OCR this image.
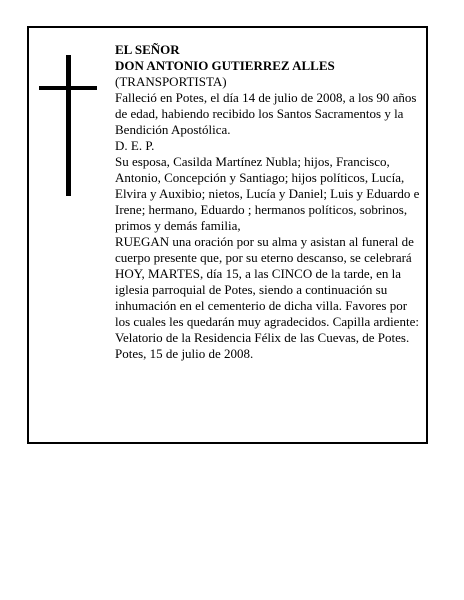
EL SEÑOR

DON ANTONIO GUTIERREZ ALLES

(TRANSPORTISTA)

Falleció en Potes, el día 14 de julio de 2008, a los 90 años de edad, habiendo recibido los Santos Sacramentos y la Bendición Apostólica.

D. E. P.

Su esposa, Casilda Martínez Nubla; hijos, Francisco, Antonio, Concepción y Santiago; hijos políticos, Lucía, Elvira y Auxibio; nietos, Lucía y Daniel; Luis y Eduardo e Irene; hermano, Eduardo ; hermanos políticos, sobrinos, primos y demás familia,

RUEGAN una oración por su alma y asistan al funeral de cuerpo presente que, por su eterno descanso, se celebrará HOY, MARTES, día 15, a las CINCO de la tarde, en la iglesia parroquial de Potes, siendo a continuación su inhumación en el cementerio de dicha villa. Favores por los cuales les quedarán muy agradecidos. Capilla ardiente: Velatorio de la Residencia Félix de las Cuevas, de Potes.

Potes, 15 de julio de 2008.
